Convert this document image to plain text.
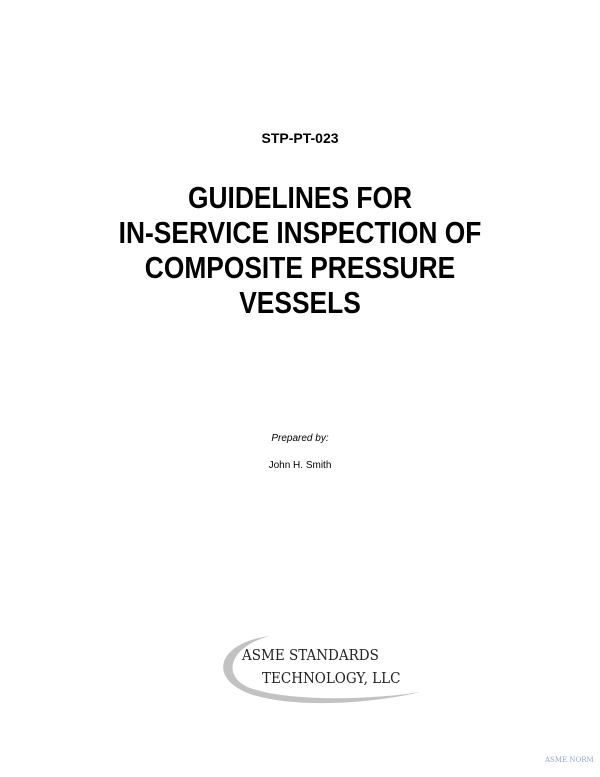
STP-PT-023
GUIDELINES FOR
IN-SERVICE INSPECTION OF
COMPOSITE PRESSURE
VESSELS
Prepared by:
John H. Smith
ASME STANDARDS
TECHNOLOGY, LLC
ASME NORM
